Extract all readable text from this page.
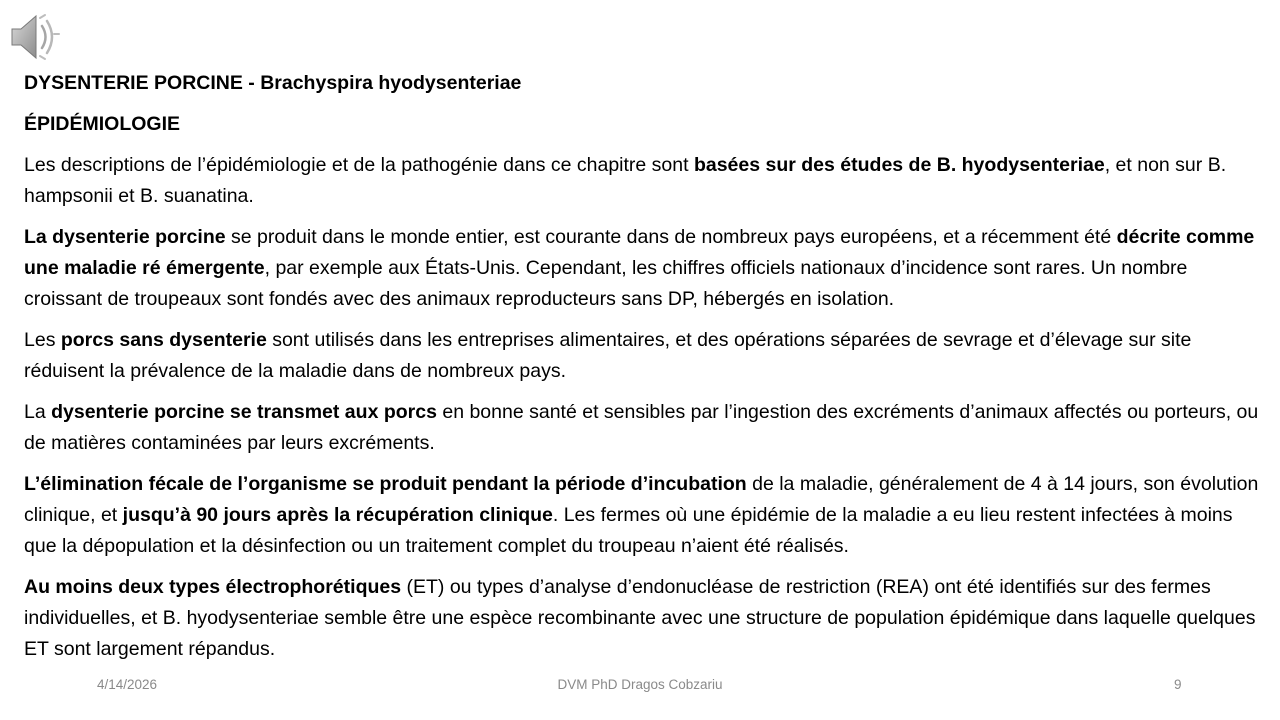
DYSENTERIE PORCINE - Brachyspira hyodysenteriae
ÉPIDÉMIOLOGIE
Les descriptions de l’épidémiologie et de la pathogénie dans ce chapitre sont basées sur des études de B. hyodysenteriae, et non sur B. hampsonii et B. suanatina.
La dysenterie porcine se produit dans le monde entier, est courante dans de nombreux pays européens, et a récemment été décrite comme une maladie ré émergente, par exemple aux États-Unis. Cependant, les chiffres officiels nationaux d’incidence sont rares. Un nombre croissant de troupeaux sont fondés avec des animaux reproducteurs sans DP, hébergés en isolation.
Les porcs sans dysenterie sont utilisés dans les entreprises alimentaires, et des opérations séparées de sevrage et d’élevage sur site réduisent la prévalence de la maladie dans de nombreux pays.
La dysenterie porcine se transmet aux porcs en bonne santé et sensibles par l’ingestion des excréments d’animaux affectés ou porteurs, ou de matières contaminées par leurs excréments.
L’élimination fécale de l’organisme se produit pendant la période d’incubation de la maladie, généralement de 4 à 14 jours, son évolution clinique, et jusqu’à 90 jours après la récupération clinique. Les fermes où une épidémie de la maladie a eu lieu restent infectées à moins que la dépopulation et la désinfection ou un traitement complet du troupeau n’aient été réalisés.
Au moins deux types électrophorétiques (ET) ou types d’analyse d’endonucléase de restriction (REA) ont été identifiés sur des fermes individuelles, et B. hyodysenteriae semble être une espèce recombinante avec une structure de population épidémique dans laquelle quelques ET sont largement répandus.
4/14/2026	DVM PhD Dragos Cobzariu	9
